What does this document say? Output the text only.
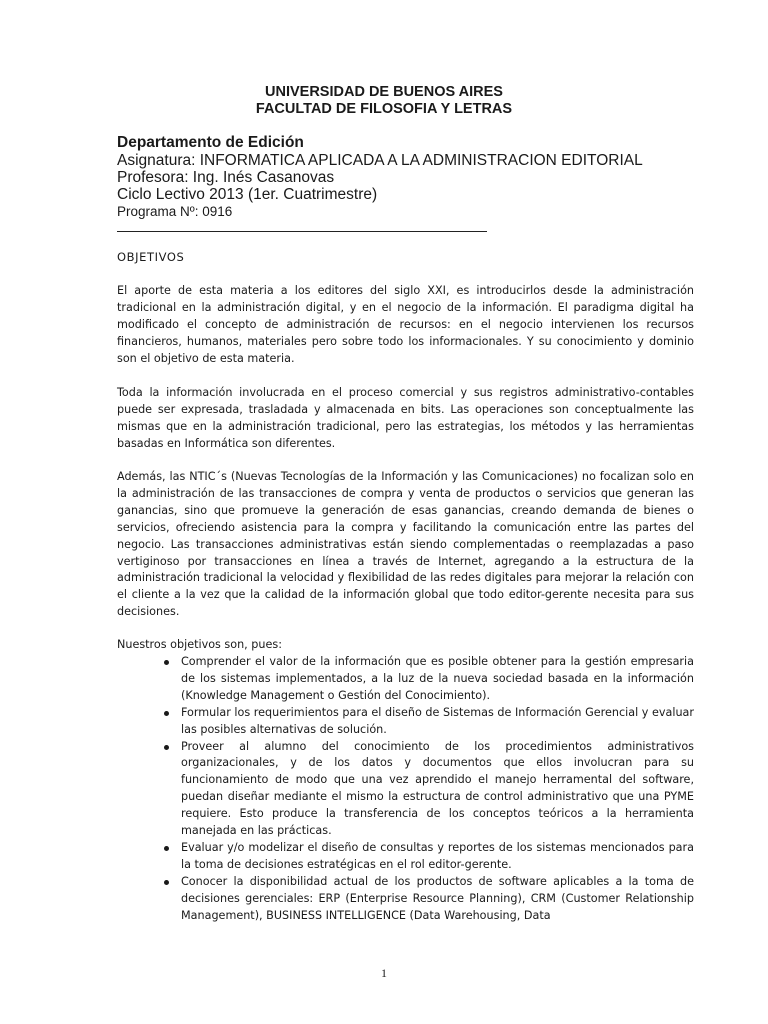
UNIVERSIDAD DE BUENOS AIRES
FACULTAD DE FILOSOFIA Y LETRAS
Departamento de Edición
Asignatura: INFORMATICA APLICADA A LA ADMINISTRACION EDITORIAL
Profesora: Ing. Inés Casanovas
Ciclo Lectivo 2013 (1er. Cuatrimestre)
Programa Nº: 0916
OBJETIVOS

El aporte de esta materia a los editores del siglo XXI, es introducirlos desde la administración tradicional en la administración digital, y en el negocio de la información. El paradigma digital ha modificado el concepto de administración de recursos: en el negocio intervienen los recursos financieros, humanos, materiales pero sobre todo los informacionales. Y su conocimiento y dominio son el objetivo de esta materia.

Toda la información involucrada en el proceso comercial y sus registros administrativo-contables puede ser expresada, trasladada y almacenada en bits. Las operaciones son conceptualmente las mismas que en la administración tradicional, pero las estrategias, los métodos y las herramientas basadas en Informática son diferentes.

Además, las NTIC´s (Nuevas Tecnologías de la Información y las Comunicaciones) no focalizan solo en la administración de las transacciones de compra y venta de productos o servicios que generan las ganancias, sino que promueve la generación de esas ganancias, creando demanda de bienes o servicios, ofreciendo asistencia para la compra y facilitando la comunicación entre las partes del negocio. Las transacciones administrativas están siendo complementadas o reemplazadas a paso vertiginoso por transacciones en línea a través de Internet, agregando a la estructura de la administración tradicional la velocidad y flexibilidad de las redes digitales para mejorar la relación con el cliente a la vez que la calidad de la información global que todo editor-gerente necesita para sus decisiones.

Nuestros objetivos son, pues:
Comprender el valor de la información que es posible obtener para la gestión empresaria de los sistemas implementados, a la luz de la nueva sociedad basada en la información (Knowledge Management o Gestión del Conocimiento).
Formular los requerimientos para el diseño de Sistemas de Información Gerencial y evaluar las posibles alternativas de solución.
Proveer al alumno del conocimiento de los procedimientos administrativos organizacionales, y de los datos y documentos que ellos involucran para su funcionamiento de modo que una vez aprendido el manejo herramental del software, puedan diseñar mediante el mismo la estructura de control administrativo que una PYME requiere. Esto produce la transferencia de los conceptos teóricos a la herramienta manejada en las prácticas.
Evaluar y/o modelizar el diseño de consultas y reportes de los sistemas mencionados para la toma de decisiones estratégicas en el rol editor-gerente.
Conocer la disponibilidad actual de los productos de software aplicables a la toma de decisiones gerenciales: ERP (Enterprise Resource Planning), CRM (Customer Relationship Management), BUSINESS INTELLIGENCE (Data Warehousing, Data
1
